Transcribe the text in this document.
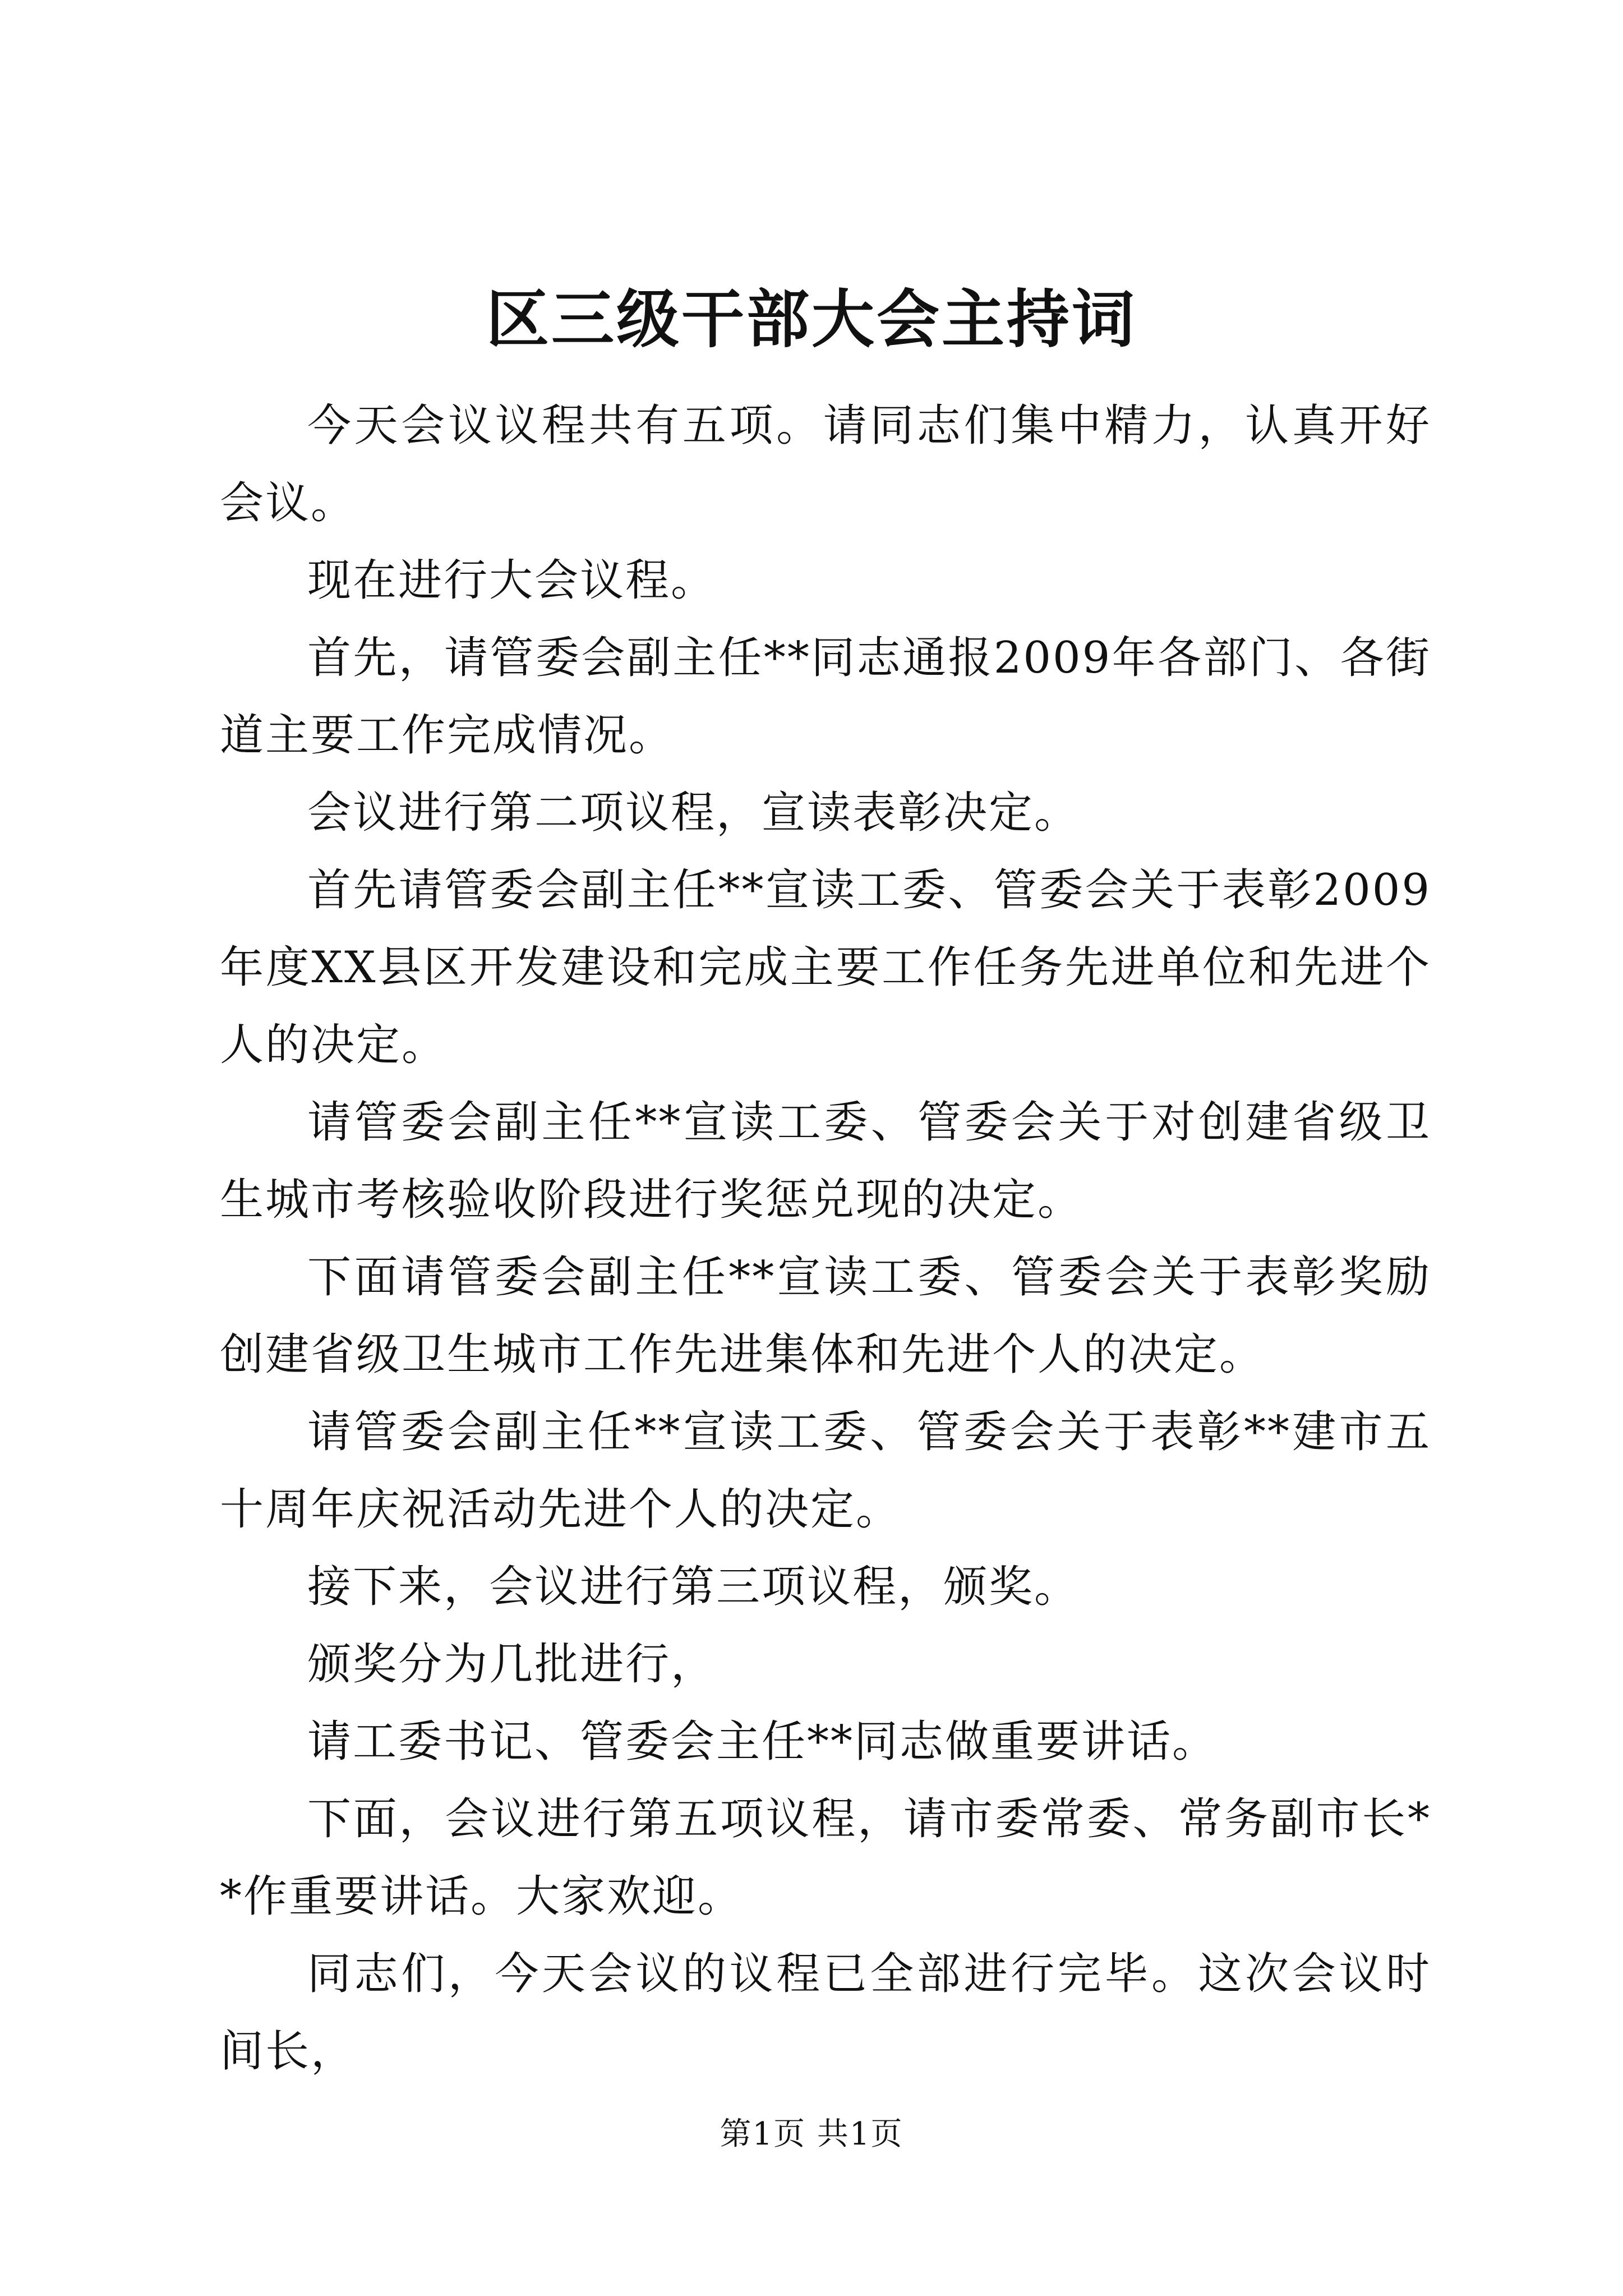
区三级干部大会主持词

今天会议议程共有五项。请同志们集中精力，认真开好会议。

现在进行大会议程。

首先，请管委会副主任**同志通报2009年各部门、各街道主要工作完成情况。

会议进行第二项议程，宣读表彰决定。

首先请管委会副主任**宣读工委、管委会关于表彰2009年度XX县区开发建设和完成主要工作任务先进单位和先进个人的决定。

请管委会副主任**宣读工委、管委会关于对创建省级卫生城市考核验收阶段进行奖惩兑现的决定。

下面请管委会副主任**宣读工委、管委会关于表彰奖励创建省级卫生城市工作先进集体和先进个人的决定。

请管委会副主任**宣读工委、管委会关于表彰**建市五十周年庆祝活动先进个人的决定。

接下来，会议进行第三项议程，颁奖。

颁奖分为几批进行，

请工委书记、管委会主任**同志做重要讲话。

下面，会议进行第五项议程，请市委常委、常务副市长**作重要讲话。大家欢迎。

同志们，今天会议的议程已全部进行完毕。这次会议时间长，

第1页 共1页
